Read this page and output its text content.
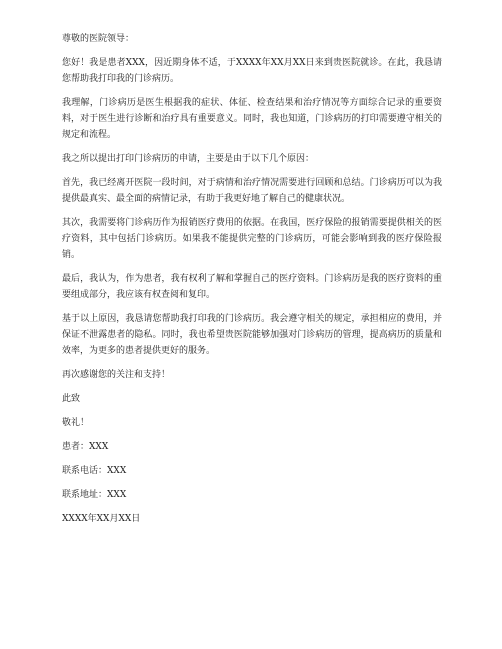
尊敬的医院领导：

您好！我是患者XXX，因近期身体不适，于XXXX年XX月XX日来到贵医院就诊。在此，我恳请您帮助我打印我的门诊病历。

我理解，门诊病历是医生根据我的症状、体征、检查结果和治疗情况等方面综合记录的重要资料，对于医生进行诊断和治疗具有重要意义。同时，我也知道，门诊病历的打印需要遵守相关的规定和流程。

我之所以提出打印门诊病历的申请，主要是由于以下几个原因：

首先，我已经离开医院一段时间，对于病情和治疗情况需要进行回顾和总结。门诊病历可以为我提供最真实、最全面的病情记录，有助于我更好地了解自己的健康状况。

其次，我需要将门诊病历作为报销医疗费用的依据。在我国，医疗保险的报销需要提供相关的医疗资料，其中包括门诊病历。如果我不能提供完整的门诊病历，可能会影响到我的医疗保险报销。

最后，我认为，作为患者，我有权利了解和掌握自己的医疗资料。门诊病历是我的医疗资料的重要组成部分，我应该有权查阅和复印。

基于以上原因，我恳请您帮助我打印我的门诊病历。我会遵守相关的规定，承担相应的费用，并保证不泄露患者的隐私。同时，我也希望贵医院能够加强对门诊病历的管理，提高病历的质量和效率，为更多的患者提供更好的服务。

再次感谢您的关注和支持！

此致

敬礼！

患者：XXX

联系电话：XXX

联系地址：XXX

XXXX年XX月XX日
